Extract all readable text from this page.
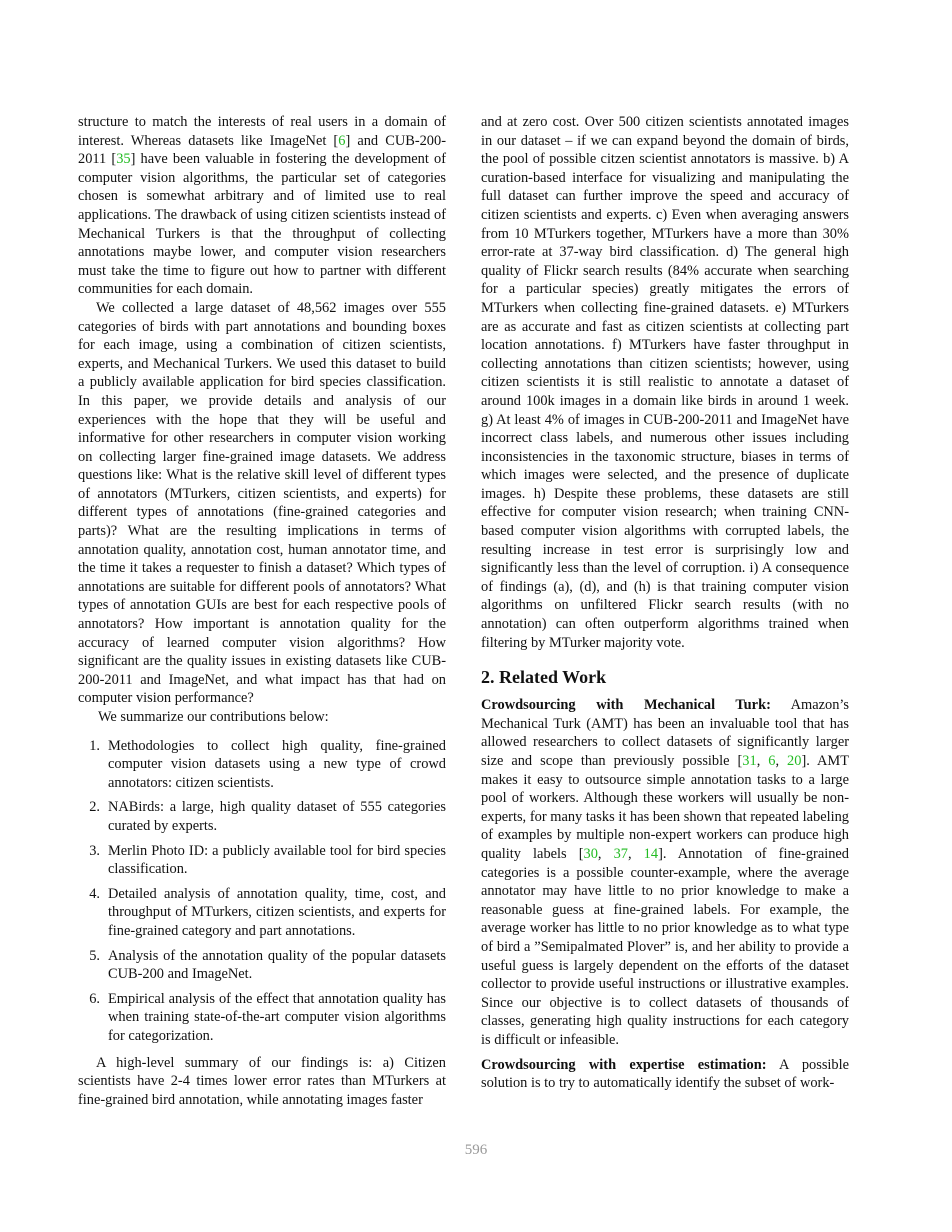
structure to match the interests of real users in a domain of interest. Whereas datasets like ImageNet [6] and CUB-200-2011 [35] have been valuable in fostering the development of computer vision algorithms, the particular set of categories chosen is somewhat arbitrary and of limited use to real applications. The drawback of using citizen scientists instead of Mechanical Turkers is that the throughput of collecting annotations maybe lower, and computer vision researchers must take the time to figure out how to partner with different communities for each domain.

We collected a large dataset of 48,562 images over 555 categories of birds with part annotations and bounding boxes for each image, using a combination of citizen scientists, experts, and Mechanical Turkers. We used this dataset to build a publicly available application for bird species classification. In this paper, we provide details and analysis of our experiences with the hope that they will be useful and informative for other researchers in computer vision working on collecting larger fine-grained image datasets. We address questions like: What is the relative skill level of different types of annotators (MTurkers, citizen scientists, and experts) for different types of annotations (fine-grained categories and parts)? What are the resulting implications in terms of annotation quality, annotation cost, human annotator time, and the time it takes a requester to finish a dataset? Which types of annotations are suitable for different pools of annotators? What types of annotation GUIs are best for each respective pools of annotators? How important is annotation quality for the accuracy of learned computer vision algorithms? How significant are the quality issues in existing datasets like CUB-200-2011 and ImageNet, and what impact has that had on computer vision performance?

We summarize our contributions below:

1. Methodologies to collect high quality, fine-grained computer vision datasets using a new type of crowd annotators: citizen scientists.
2. NABirds: a large, high quality dataset of 555 categories curated by experts.
3. Merlin Photo ID: a publicly available tool for bird species classification.
4. Detailed analysis of annotation quality, time, cost, and throughput of MTurkers, citizen scientists, and experts for fine-grained category and part annotations.
5. Analysis of the annotation quality of the popular datasets CUB-200 and ImageNet.
6. Empirical analysis of the effect that annotation quality has when training state-of-the-art computer vision algorithms for categorization.

A high-level summary of our findings is: a) Citizen scientists have 2-4 times lower error rates than MTurkers at fine-grained bird annotation, while annotating images faster

and at zero cost. Over 500 citizen scientists annotated images in our dataset – if we can expand beyond the domain of birds, the pool of possible citzen scientist annotators is massive. b) A curation-based interface for visualizing and manipulating the full dataset can further improve the speed and accuracy of citizen scientists and experts. c) Even when averaging answers from 10 MTurkers together, MTurkers have a more than 30% error-rate at 37-way bird classification. d) The general high quality of Flickr search results (84% accurate when searching for a particular species) greatly mitigates the errors of MTurkers when collecting fine-grained datasets. e) MTurkers are as accurate and fast as citizen scientists at collecting part location annotations. f) MTurkers have faster throughput in collecting annotations than citizen scientists; however, using citizen scientists it is still realistic to annotate a dataset of around 100k images in a domain like birds in around 1 week. g) At least 4% of images in CUB-200-2011 and ImageNet have incorrect class labels, and numerous other issues including inconsistencies in the taxonomic structure, biases in terms of which images were selected, and the presence of duplicate images. h) Despite these problems, these datasets are still effective for computer vision research; when training CNN-based computer vision algorithms with corrupted labels, the resulting increase in test error is surprisingly low and significantly less than the level of corruption. i) A consequence of findings (a), (d), and (h) is that training computer vision algorithms on unfiltered Flickr search results (with no annotation) can often outperform algorithms trained when filtering by MTurker majority vote.

2. Related Work

Crowdsourcing with Mechanical Turk: Amazon’s Mechanical Turk (AMT) has been an invaluable tool that has allowed researchers to collect datasets of significantly larger size and scope than previously possible [31, 6, 20]. AMT makes it easy to outsource simple annotation tasks to a large pool of workers. Although these workers will usually be non-experts, for many tasks it has been shown that repeated labeling of examples by multiple non-expert workers can produce high quality labels [30, 37, 14]. Annotation of fine-grained categories is a possible counter-example, where the average annotator may have little to no prior knowledge to make a reasonable guess at fine-grained labels. For example, the average worker has little to no prior knowledge as to what type of bird a ”Semipalmated Plover” is, and her ability to provide a useful guess is largely dependent on the efforts of the dataset collector to provide useful instructions or illustrative examples. Since our objective is to collect datasets of thousands of classes, generating high quality instructions for each category is difficult or infeasible.

Crowdsourcing with expertise estimation: A possible solution is to try to automatically identify the subset of work-

596
